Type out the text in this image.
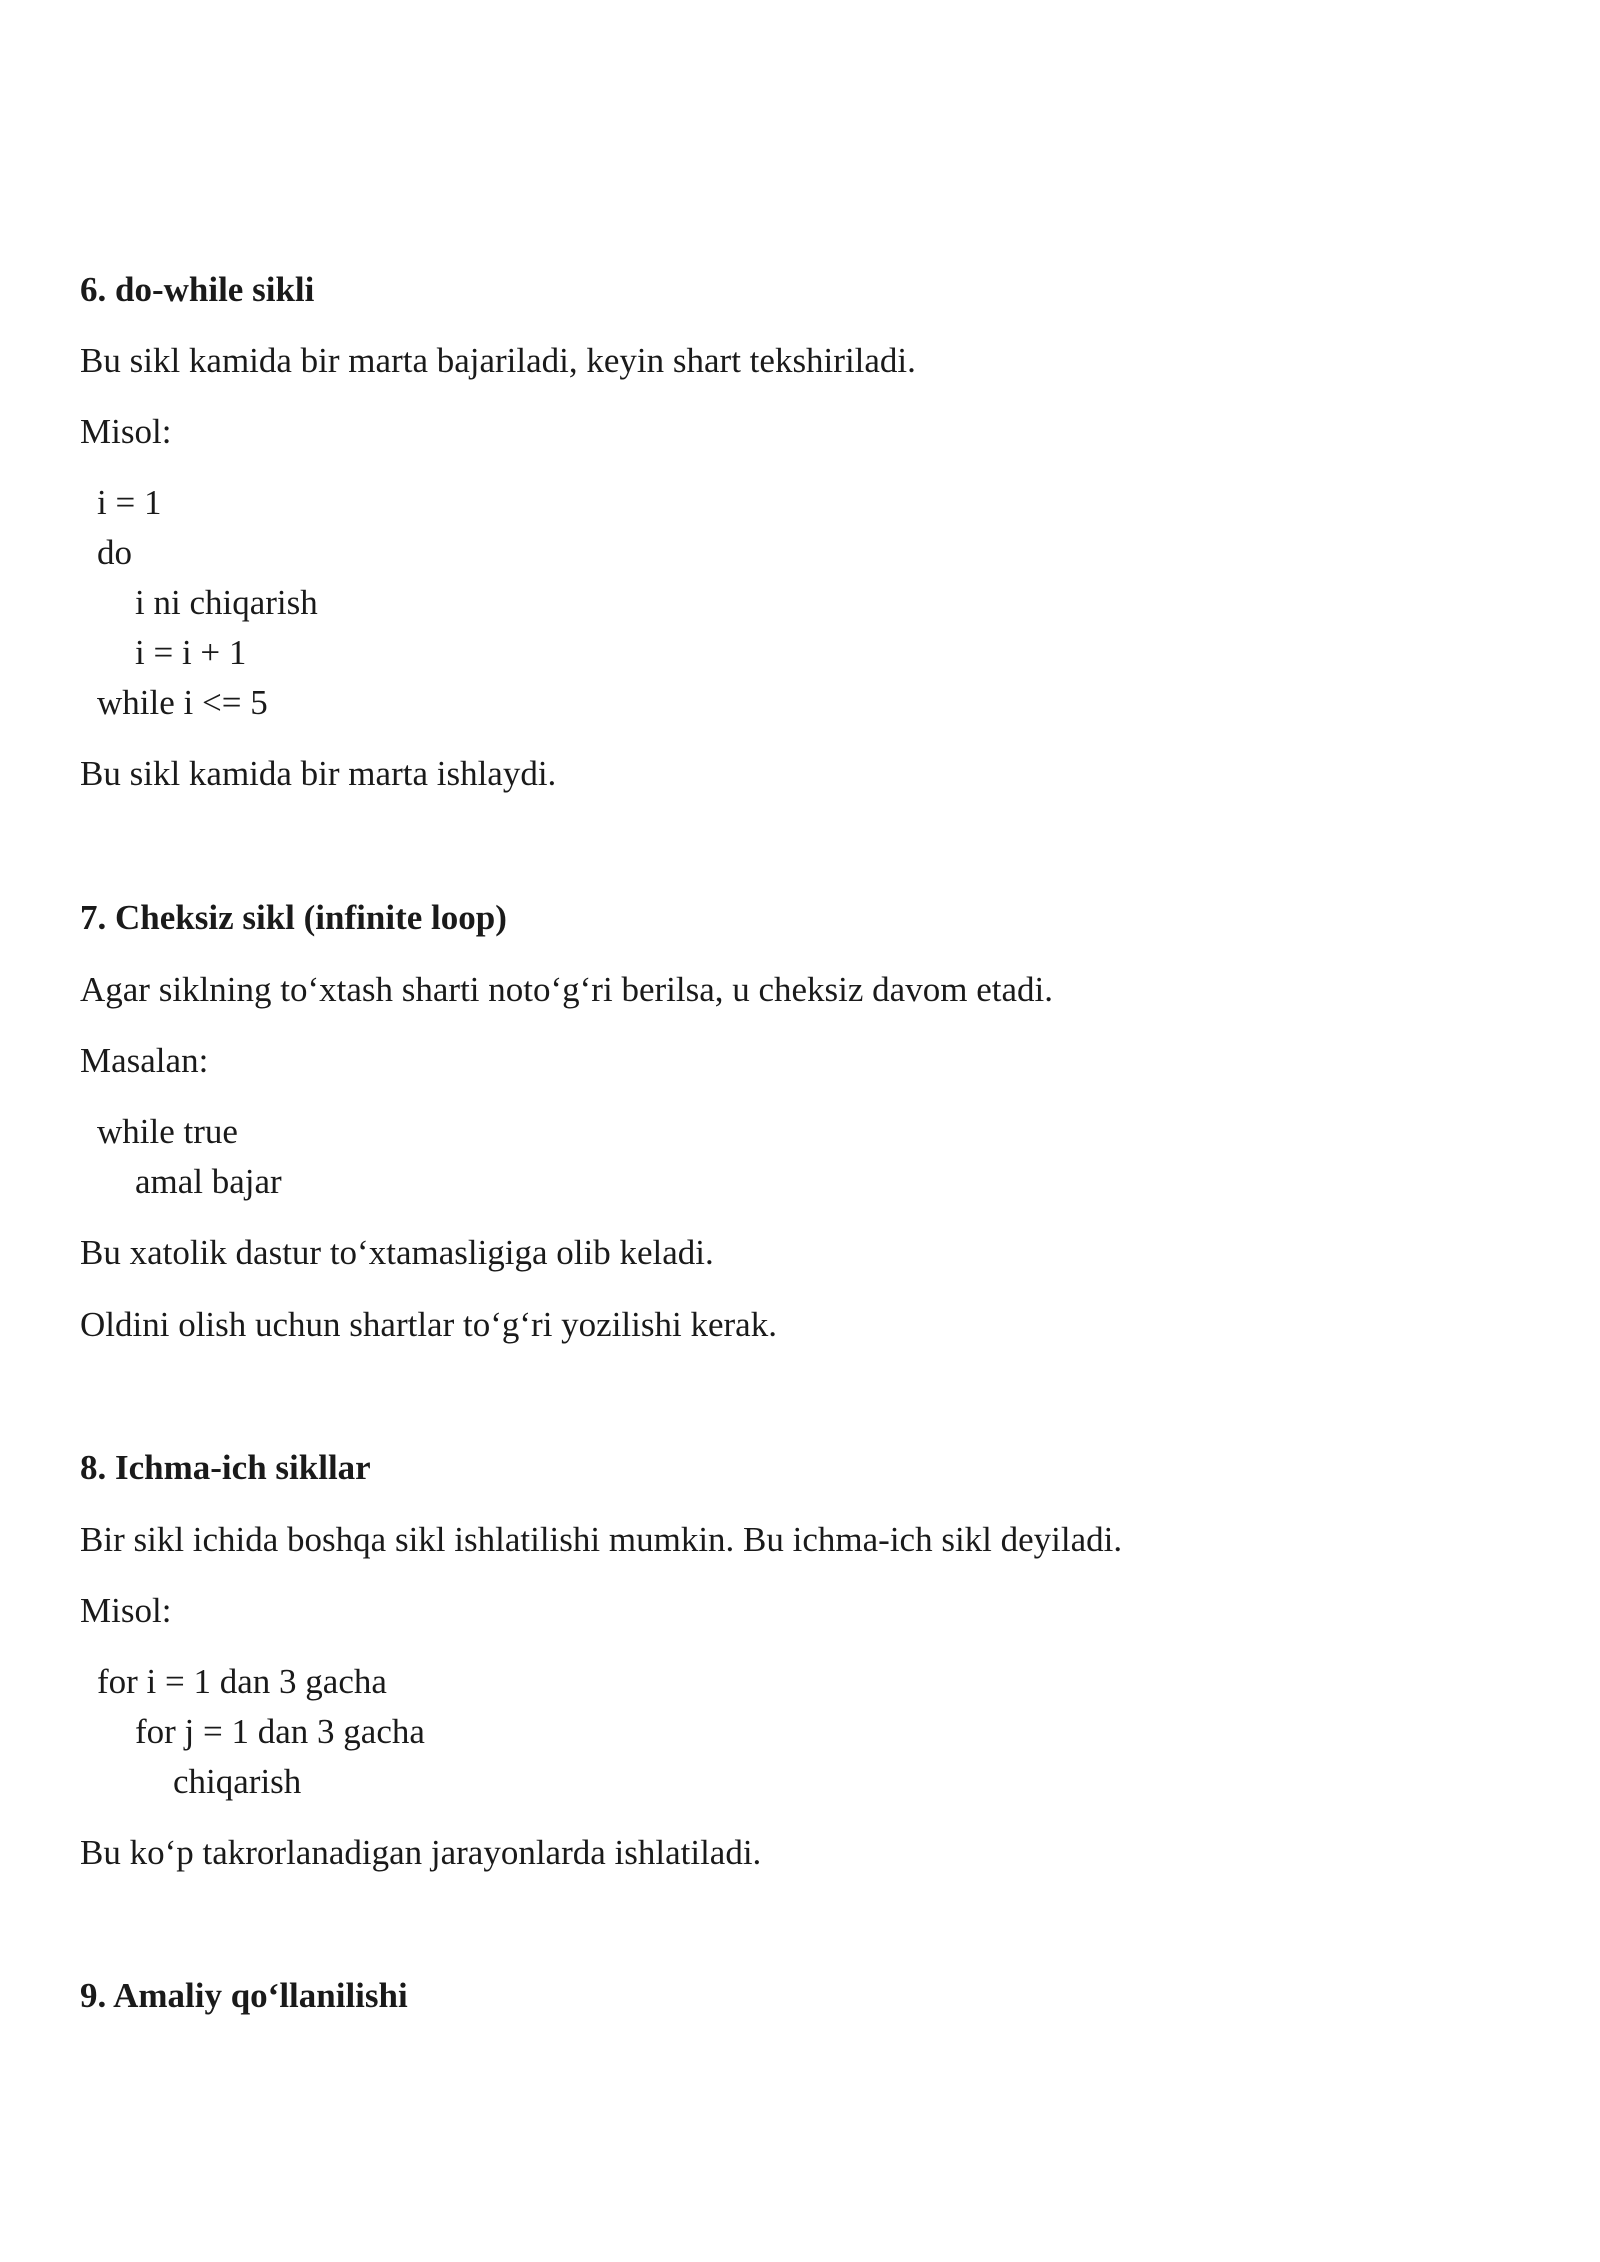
6. do-while sikli
Bu sikl kamida bir marta bajariladi, keyin shart tekshiriladi.
Misol:
i = 1
do
i ni chiqarish
i = i + 1
while i <= 5
Bu sikl kamida bir marta ishlaydi.
7. Cheksiz sikl (infinite loop)
Agar siklning to‘xtash sharti noto‘g‘ri berilsa, u cheksiz davom etadi.
Masalan:
while true
amal bajar
Bu xatolik dastur to‘xtamasligiga olib keladi.
Oldini olish uchun shartlar to‘g‘ri yozilishi kerak.
8. Ichma-ich sikllar
Bir sikl ichida boshqa sikl ishlatilishi mumkin. Bu ichma-ich sikl deyiladi.
Misol:
for i = 1 dan 3 gacha
for j = 1 dan 3 gacha
chiqarish
Bu ko‘p takrorlanadigan jarayonlarda ishlatiladi.
9. Amaliy qo‘llanilishi
